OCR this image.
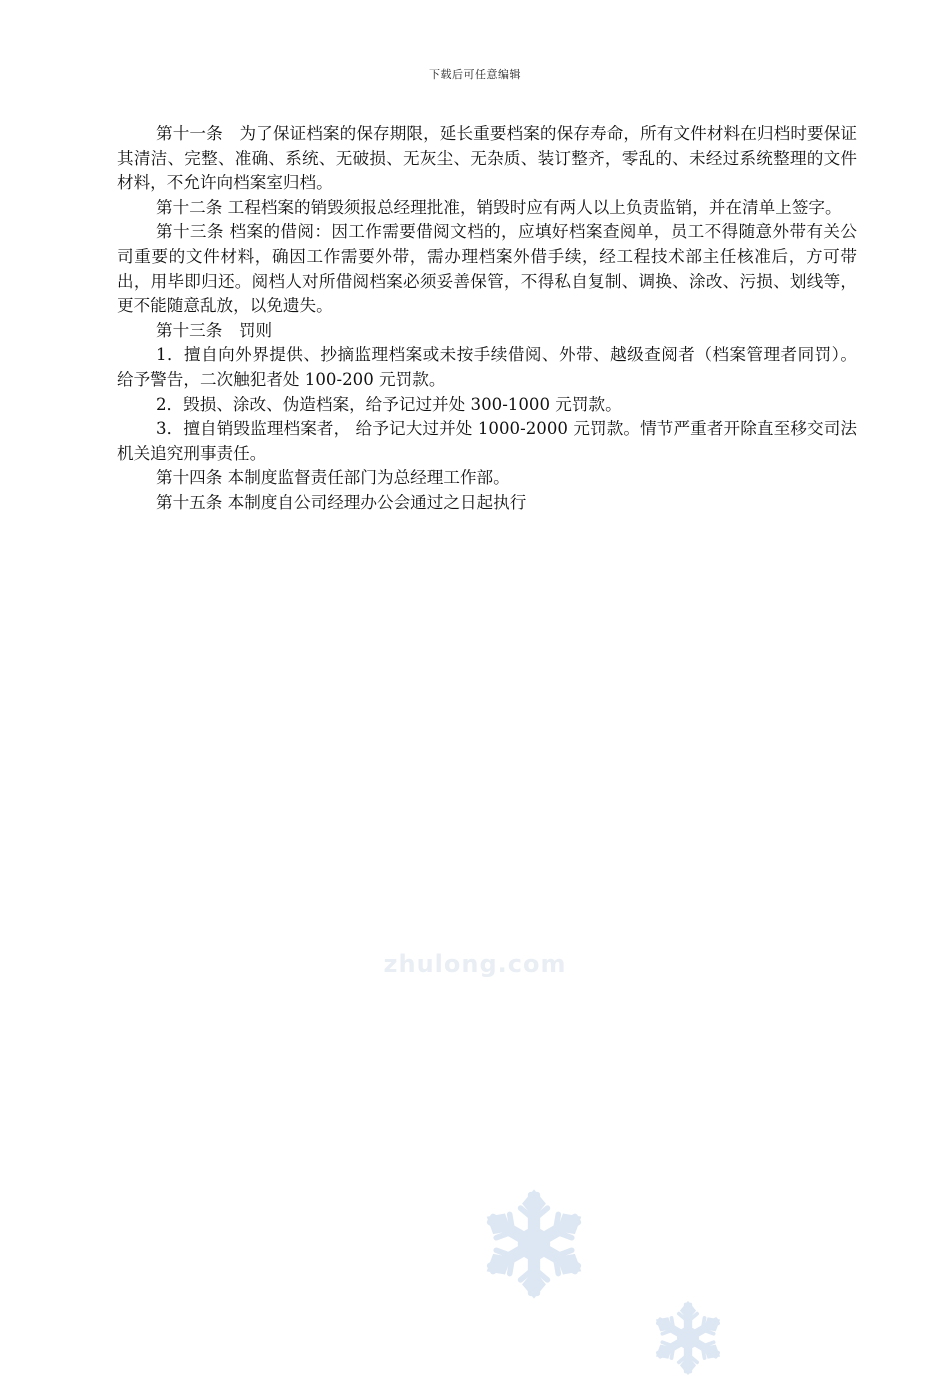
下载后可任意编辑

第十一条　为了保证档案的保存期限，延长重要档案的保存寿命，所有文件材料在归档时要保证其清洁、完整、准确、系统、无破损、无灰尘、无杂质、装订整齐，零乱的、未经过系统整理的文件材料，不允许向档案室归档。

第十二条 工程档案的销毁须报总经理批准，销毁时应有两人以上负责监销，并在清单上签字。

第十三条 档案的借阅：因工作需要借阅文档的，应填好档案查阅单，员工不得随意外带有关公司重要的文件材料，确因工作需要外带，需办理档案外借手续，经工程技术部主任核准后，方可带出，用毕即归还。阅档人对所借阅档案必须妥善保管，不得私自复制、调换、涂改、污损、划线等，更不能随意乱放，以免遗失。

第十三条　罚则

1．擅自向外界提供、抄摘监理档案或未按手续借阅、外带、越级查阅者（档案管理者同罚）。 给予警告，二次触犯者处 100-200 元罚款。

2．毁损、涂改、伪造档案，给予记过并处 300-1000 元罚款。

3．擅自销毁监理档案者， 给予记大过并处 1000-2000 元罚款。情节严重者开除直至移交司法机关追究刑事责任。

第十四条 本制度监督责任部门为总经理工作部。

第十五条 本制度自公司经理办公会通过之日起执行

zhulong.com
